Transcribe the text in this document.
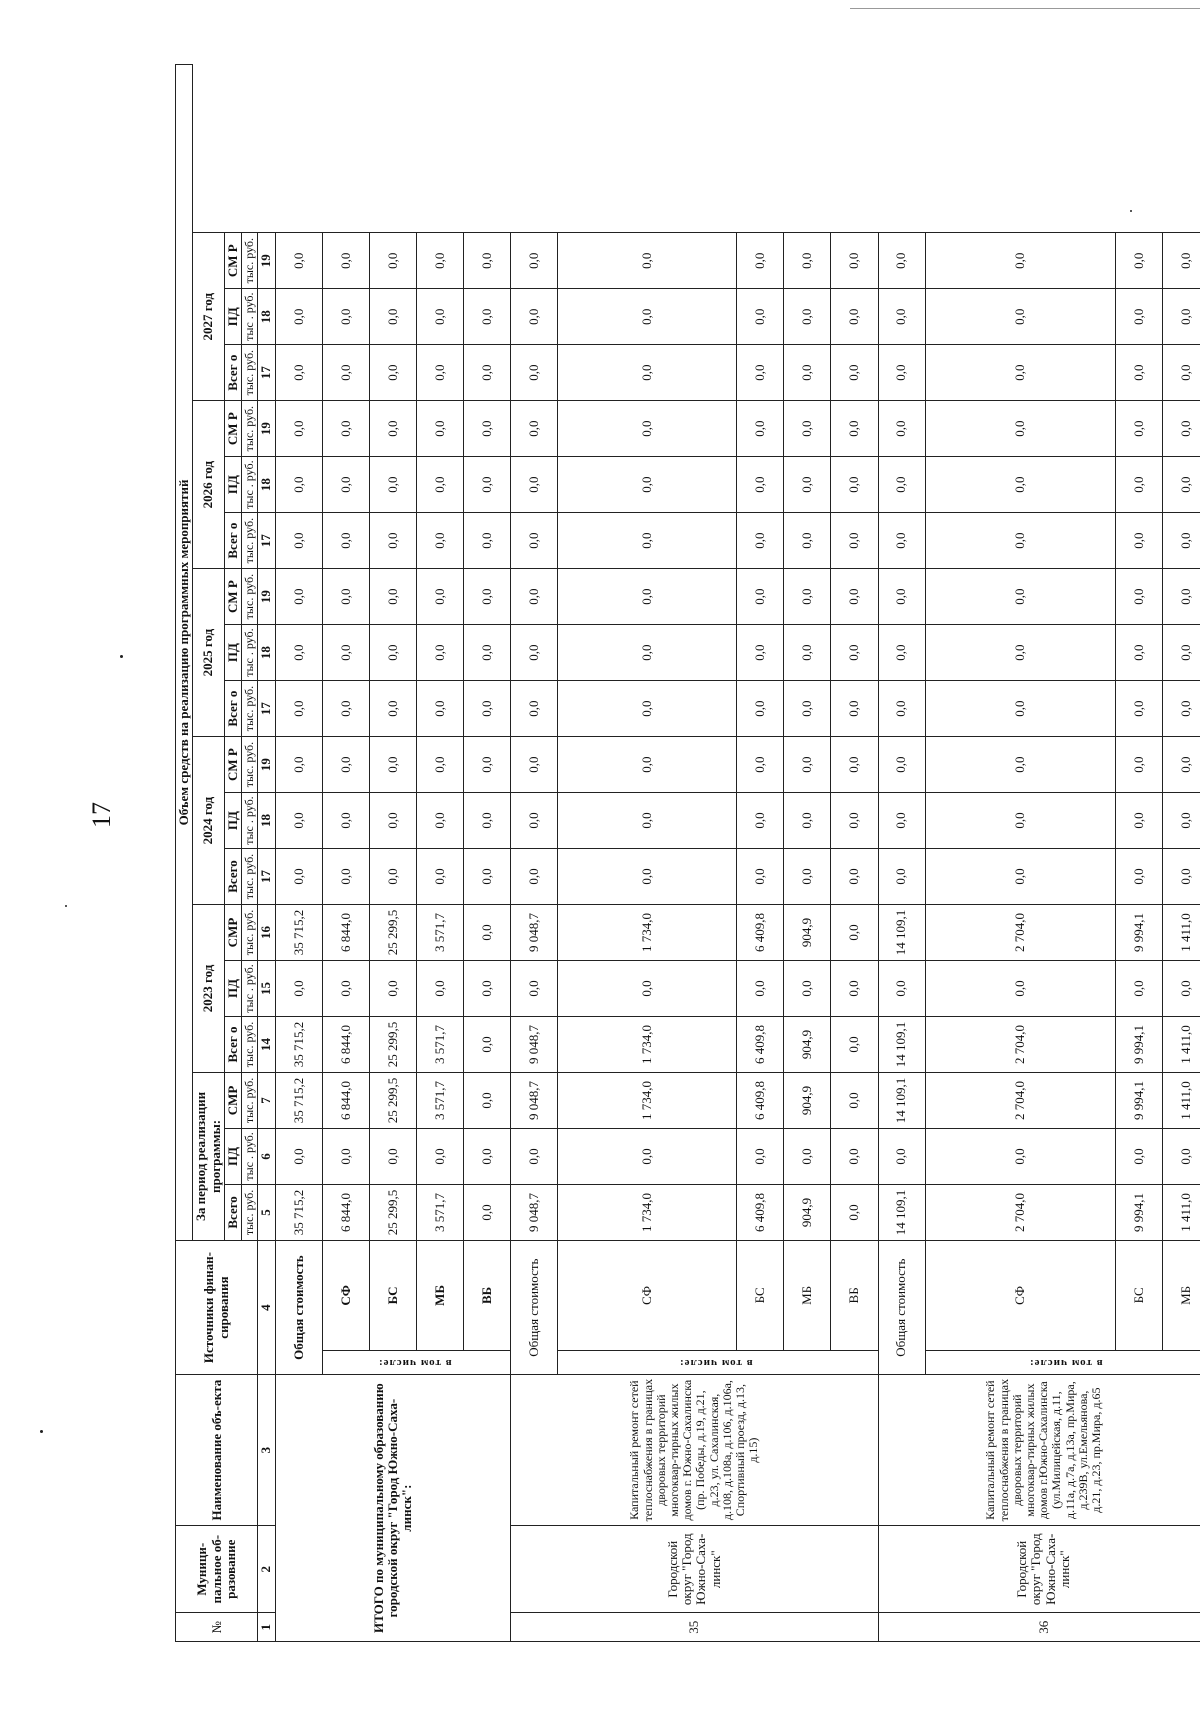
17
№	Муници-пальное об-разование	Наименование объ-екта	Источники финан-сирования		Объем средств на реализацию программных мероприятий																	
					За период реализации программы:			2023 год			2024 год			2025 год			2026 год			2027 год		
					Всего	ПД	СМР	Всег о	ПД	СМР	Всего	ПД	СМ Р	Всег о	ПД	СМ Р	Всег о	ПД	СМ Р	Всег о	ПД	СМ Р
					тыс. руб.	тыс . руб.	тыс. руб.	тыс. руб.	тыс . руб.	тыс. руб.	тыс. руб.	тыс . руб.	тыс. руб.	тыс. руб.	тыс . руб.	тыс. руб.	тыс. руб.	тыс . руб.	тыс. руб.	тыс. руб.	тыс . руб.	тыс. руб.
1	2	3	4		5	6	7	14	15	16	17	18	19	17	18	19	17	18	19	17	18	19
ИТОГО по муниципальному образованию городской округ "Город Южно-Саха-линск":			Общая стоимость		35 715,2	0,0	35 715,2	35 715,2	0,0	35 715,2	0,0	0,0	0,0	0,0	0,0	0,0	0,0	0,0	0,0	0,0	0,0	0,0
			в том числе:	СФ	6 844,0	0,0	6 844,0	6 844,0	0,0	6 844,0	0,0	0,0	0,0	0,0	0,0	0,0	0,0	0,0	0,0	0,0	0,0	0,0
				БС	25 299,5	0,0	25 299,5	25 299,5	0,0	25 299,5	0,0	0,0	0,0	0,0	0,0	0,0	0,0	0,0	0,0	0,0	0,0	0,0
				МБ	3 571,7	0,0	3 571,7	3 571,7	0,0	3 571,7	0,0	0,0	0,0	0,0	0,0	0,0	0,0	0,0	0,0	0,0	0,0	0,0
				ВБ	0,0	0,0	0,0	0,0	0,0	0,0	0,0	0,0	0,0	0,0	0,0	0,0	0,0	0,0	0,0	0,0	0,0	0,0
35	Городской округ "Город Южно-Саха-линск"	Капитальный ремонт сетей теплоснабжения в границах дворовых территорий многоквар-тирных жилых домов г. Южно-Сахалинска (пр. Победы, д.19, д.21, д.23, ул. Сахалинская, д.108, д.108а, д.106, д.106а, Спортивный проезд, д.13, д.15)	Общая стоимость		9 048,7	0,0	9 048,7	9 048,7	0,0	9 048,7	0,0	0,0	0,0	0,0	0,0	0,0	0,0	0,0	0,0	0,0	0,0	0,0
			в том числе:	СФ	1 734,0	0,0	1 734,0	1 734,0	0,0	1 734,0	0,0	0,0	0,0	0,0	0,0	0,0	0,0	0,0	0,0	0,0	0,0	0,0
				БС	6 409,8	0,0	6 409,8	6 409,8	0,0	6 409,8	0,0	0,0	0,0	0,0	0,0	0,0	0,0	0,0	0,0	0,0	0,0	0,0
				МБ	904,9	0,0	904,9	904,9	0,0	904,9	0,0	0,0	0,0	0,0	0,0	0,0	0,0	0,0	0,0	0,0	0,0	0,0
				ВБ	0,0	0,0	0,0	0,0	0,0	0,0	0,0	0,0	0,0	0,0	0,0	0,0	0,0	0,0	0,0	0,0	0,0	0,0
36	Городской округ "Город Южно-Саха-линск"	Капитальный ремонт сетей теплоснабжения в границах дворовых территорий многоквар-тирных жилых домов г.Южно-Сахалинска (ул.Милицейская, д.11, д.11а, д.7а, д.13а, пр.Мира, д.239В, ул.Емельянова, д.21, д.23, пр.Мира, д.65	Общая стоимость		14 109,1	0,0	14 109,1	14 109,1	0,0	14 109,1	0,0	0,0	0,0	0,0	0,0	0,0	0,0	0,0	0,0	0,0	0,0	0,0
			в том числе:	СФ	2 704,0	0,0	2 704,0	2 704,0	0,0	2 704,0	0,0	0,0	0,0	0,0	0,0	0,0	0,0	0,0	0,0	0,0	0,0	0,0
				БС	9 994,1	0,0	9 994,1	9 994,1	0,0	9 994,1	0,0	0,0	0,0	0,0	0,0	0,0	0,0	0,0	0,0	0,0	0,0	0,0
				МБ	1 411,0	0,0	1 411,0	1 411,0	0,0	1 411,0	0,0	0,0	0,0	0,0	0,0	0,0	0,0	0,0	0,0	0,0	0,0	0,0
